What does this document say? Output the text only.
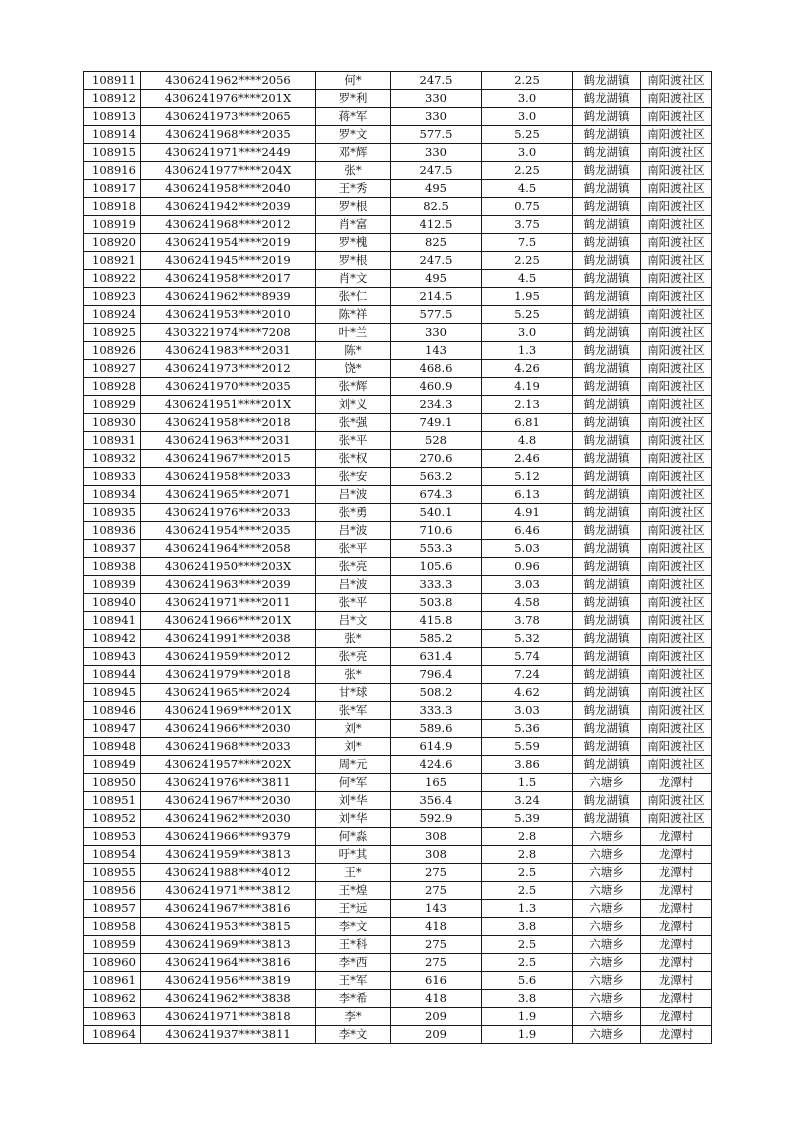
108911	4306241962****2056	何*	247.5	2.25	鹤龙湖镇	南阳渡社区
108912	4306241976****201X	罗*利	330	3.0	鹤龙湖镇	南阳渡社区
108913	4306241973****2065	蒋*军	330	3.0	鹤龙湖镇	南阳渡社区
108914	4306241968****2035	罗*文	577.5	5.25	鹤龙湖镇	南阳渡社区
108915	4306241971****2449	邓*辉	330	3.0	鹤龙湖镇	南阳渡社区
108916	4306241977****204X	张*	247.5	2.25	鹤龙湖镇	南阳渡社区
108917	4306241958****2040	王*秀	495	4.5	鹤龙湖镇	南阳渡社区
108918	4306241942****2039	罗*根	82.5	0.75	鹤龙湖镇	南阳渡社区
108919	4306241968****2012	肖*富	412.5	3.75	鹤龙湖镇	南阳渡社区
108920	4306241954****2019	罗*槐	825	7.5	鹤龙湖镇	南阳渡社区
108921	4306241945****2019	罗*根	247.5	2.25	鹤龙湖镇	南阳渡社区
108922	4306241958****2017	肖*文	495	4.5	鹤龙湖镇	南阳渡社区
108923	4306241962****8939	张*仁	214.5	1.95	鹤龙湖镇	南阳渡社区
108924	4306241953****2010	陈*祥	577.5	5.25	鹤龙湖镇	南阳渡社区
108925	4303221974****7208	叶*兰	330	3.0	鹤龙湖镇	南阳渡社区
108926	4306241983****2031	陈*	143	1.3	鹤龙湖镇	南阳渡社区
108927	4306241973****2012	饶*	468.6	4.26	鹤龙湖镇	南阳渡社区
108928	4306241970****2035	张*辉	460.9	4.19	鹤龙湖镇	南阳渡社区
108929	4306241951****201X	刘*义	234.3	2.13	鹤龙湖镇	南阳渡社区
108930	4306241958****2018	张*强	749.1	6.81	鹤龙湖镇	南阳渡社区
108931	4306241963****2031	张*平	528	4.8	鹤龙湖镇	南阳渡社区
108932	4306241967****2015	张*权	270.6	2.46	鹤龙湖镇	南阳渡社区
108933	4306241958****2033	张*安	563.2	5.12	鹤龙湖镇	南阳渡社区
108934	4306241965****2071	吕*波	674.3	6.13	鹤龙湖镇	南阳渡社区
108935	4306241976****2033	张*勇	540.1	4.91	鹤龙湖镇	南阳渡社区
108936	4306241954****2035	吕*波	710.6	6.46	鹤龙湖镇	南阳渡社区
108937	4306241964****2058	张*平	553.3	5.03	鹤龙湖镇	南阳渡社区
108938	4306241950****203X	张*亮	105.6	0.96	鹤龙湖镇	南阳渡社区
108939	4306241963****2039	吕*波	333.3	3.03	鹤龙湖镇	南阳渡社区
108940	4306241971****2011	张*平	503.8	4.58	鹤龙湖镇	南阳渡社区
108941	4306241966****201X	吕*文	415.8	3.78	鹤龙湖镇	南阳渡社区
108942	4306241991****2038	张*	585.2	5.32	鹤龙湖镇	南阳渡社区
108943	4306241959****2012	张*亮	631.4	5.74	鹤龙湖镇	南阳渡社区
108944	4306241979****2018	张*	796.4	7.24	鹤龙湖镇	南阳渡社区
108945	4306241965****2024	甘*球	508.2	4.62	鹤龙湖镇	南阳渡社区
108946	4306241969****201X	张*军	333.3	3.03	鹤龙湖镇	南阳渡社区
108947	4306241966****2030	刘*	589.6	5.36	鹤龙湖镇	南阳渡社区
108948	4306241968****2033	刘*	614.9	5.59	鹤龙湖镇	南阳渡社区
108949	4306241957****202X	周*元	424.6	3.86	鹤龙湖镇	南阳渡社区
108950	4306241976****3811	何*军	165	1.5	六塘乡	龙潭村
108951	4306241967****2030	刘*华	356.4	3.24	鹤龙湖镇	南阳渡社区
108952	4306241962****2030	刘*华	592.9	5.39	鹤龙湖镇	南阳渡社区
108953	4306241966****9379	何*淼	308	2.8	六塘乡	龙潭村
108954	4306241959****3813	吁*其	308	2.8	六塘乡	龙潭村
108955	4306241988****4012	王*	275	2.5	六塘乡	龙潭村
108956	4306241971****3812	王*煌	275	2.5	六塘乡	龙潭村
108957	4306241967****3816	王*远	143	1.3	六塘乡	龙潭村
108958	4306241953****3815	李*文	418	3.8	六塘乡	龙潭村
108959	4306241969****3813	王*科	275	2.5	六塘乡	龙潭村
108960	4306241964****3816	李*西	275	2.5	六塘乡	龙潭村
108961	4306241956****3819	王*军	616	5.6	六塘乡	龙潭村
108962	4306241962****3838	李*希	418	3.8	六塘乡	龙潭村
108963	4306241971****3818	李*	209	1.9	六塘乡	龙潭村
108964	4306241937****3811	李*文	209	1.9	六塘乡	龙潭村
